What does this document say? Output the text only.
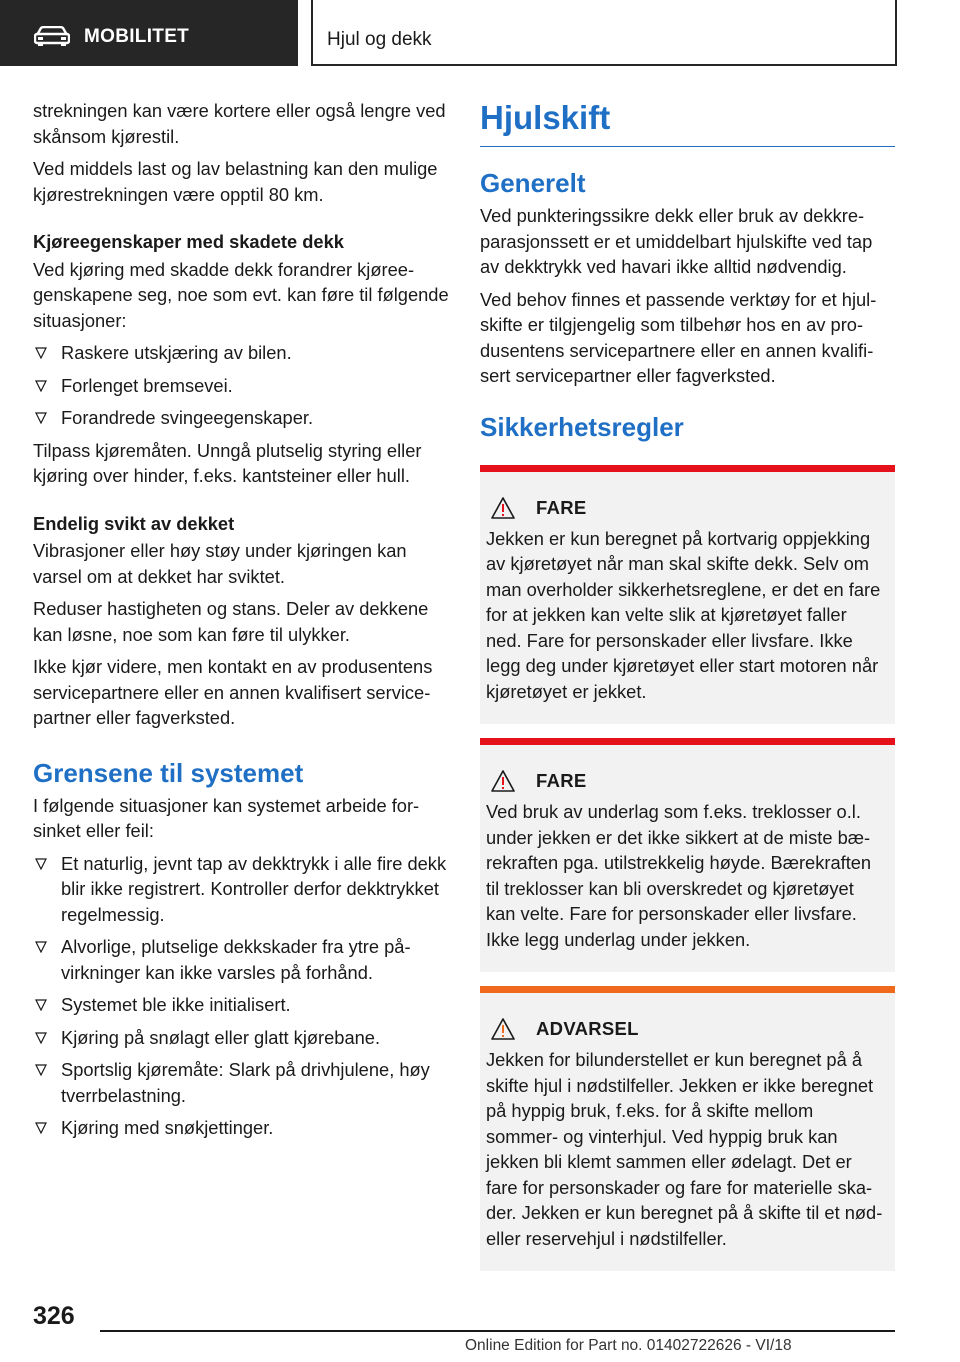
MOBILITET	Hjul og dekk

strekningen kan være kortere eller også lengre ved skånsom kjørestil.

Ved middels last og lav belastning kan den mulige kjørestrekningen være opptil 80 km.

Kjøreegenskaper med skadete dekk

Ved kjøring med skadde dekk forandrer kjøreegenskapene seg, noe som evt. kan føre til følgende situasjoner:

Raskere utskjæring av bilen.
Forlenget bremsevei.
Forandrede svingeegenskaper.

Tilpass kjøremåten. Unngå plutselig styring eller kjøring over hinder, f.eks. kantsteiner eller hull.

Endelig svikt av dekket

Vibrasjoner eller høy støy under kjøringen kan varsel om at dekket har sviktet.

Reduser hastigheten og stans. Deler av dekkene kan løsne, noe som kan føre til ulykker.

Ikke kjør videre, men kontakt en av produsentens servicepartnere eller en annen kvalifisert servicepartner eller fagverksted.

Grensene til systemet

I følgende situasjoner kan systemet arbeide forsinket eller feil:

Et naturlig, jevnt tap av dekktrykk i alle fire dekk blir ikke registrert. Kontroller derfor dekktrykket regelmessig.
Alvorlige, plutselige dekkskader fra ytre påvirkninger kan ikke varsles på forhånd.
Systemet ble ikke initialisert.
Kjøring på snølagt eller glatt kjørebane.
Sportslig kjøremåte: Slark på drivhjulene, høy tverrbelastning.
Kjøring med snøkjettinger.
Hjulskift
Generelt

Ved punkteringssikre dekk eller bruk av dekkreparasjonssett er et umiddelbart hjulskifte ved tap av dekktrykk ved havari ikke alltid nødvendig.

Ved behov finnes et passende verktøy for et hjulskifte er tilgjengelig som tilbehør hos en av produsentens servicepartnere eller en annen kvalifisert servicepartner eller fagverksted.

Sikkerhetsregler
FARE

Jekken er kun beregnet på kortvarig oppjekking av kjøretøyet når man skal skifte dekk. Selv om man overholder sikkerhetsreglene, er det en fare for at jekken kan velte slik at kjøretøyet faller ned. Fare for personskader eller livsfare. Ikke legg deg under kjøretøyet eller start motoren når kjøretøyet er jekket.

FARE

Ved bruk av underlag som f.eks. treklosser o.l. under jekken er det ikke sikkert at de miste bærekraften pga. utilstrekkelig høyde. Bærekraften til treklosser kan bli overskredet og kjøretøyet kan velte. Fare for personskader eller livsfare. Ikke legg underlag under jekken.

ADVARSEL

Jekken for bilunderstellet er kun beregnet på å skifte hjul i nødstilfeller. Jekken er ikke beregnet på hyppig bruk, f.eks. for å skifte mellom sommer- og vinterhjul. Ved hyppig bruk kan jekken bli klemt sammen eller ødelagt. Det er fare for personskader og fare for materielle skader. Jekken er kun beregnet på å skifte til et nød- eller reservehjul i nødstilfeller.

326
Online Edition for Part no. 01402722626 - VI/18
